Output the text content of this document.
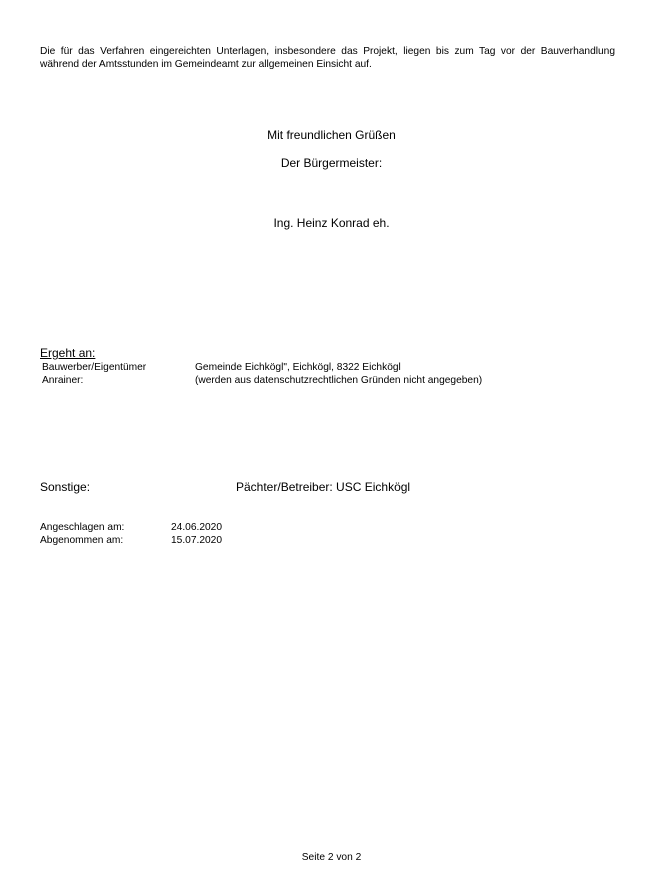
Die für das Verfahren eingereichten Unterlagen, insbesondere das Projekt, liegen bis zum Tag vor der Bauverhandlung während der Amtsstunden im Gemeindeamt zur allgemeinen Einsicht auf.
Mit freundlichen Grüßen
Der Bürgermeister:
Ing. Heinz Konrad eh.
Ergeht an:
Bauwerber/Eigentümer	Gemeinde Eichkögl", Eichkögl, 8322 Eichkögl
Anrainer:	(werden aus datenschutzrechtlichen Gründen nicht angegeben)
Sonstige:	Pächter/Betreiber: USC Eichkögl
Angeschlagen am:	24.06.2020
Abgenommen am:	15.07.2020
Seite 2 von 2
